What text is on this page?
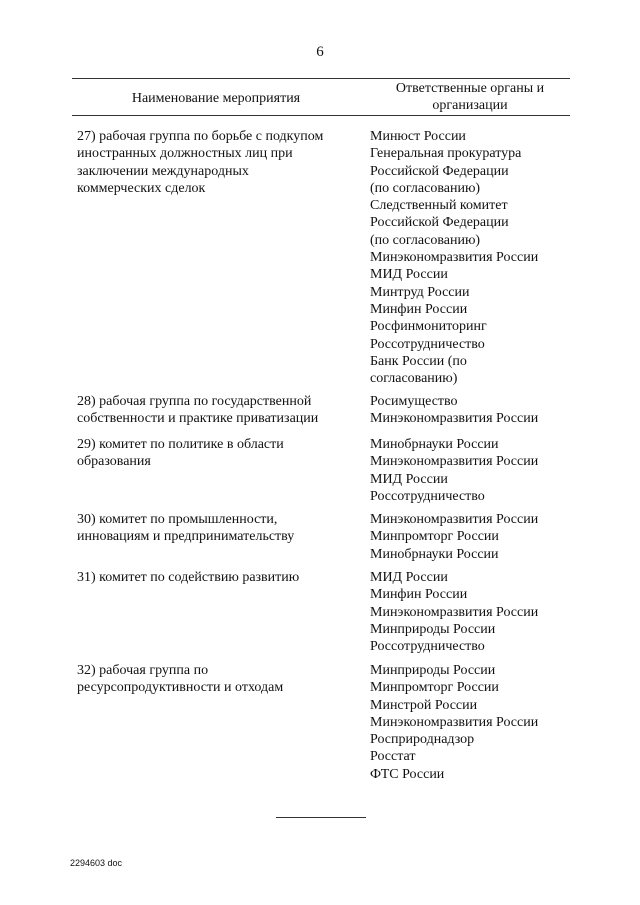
6
Наименование мероприятия
Ответственные органы и
организации
27) рабочая группа по борьбе с подкупом
иностранных должностных лиц при
заключении международных
коммерческих сделок
Минюст России
Генеральная прокуратура
Российской Федерации
(по согласованию)
Следственный комитет
Российской Федерации
(по согласованию)
Минэкономразвития России
МИД России
Минтруд России
Минфин России
Росфинмониторинг
Россотрудничество
Банк России (по
согласованию)
28) рабочая группа по государственной
собственности и практике приватизации
Росимущество
Минэкономразвития России
29) комитет по политике в области
образования
Минобрнауки России
Минэкономразвития России
МИД России
Россотрудничество
30) комитет по промышленности,
инновациям и предпринимательству
Минэкономразвития России
Минпромторг России
Минобрнауки России
31) комитет по содействию развитию	МИД России
Минфин России
Минэкономразвития России
Минприроды России
Россотрудничество
32) рабочая группа по
ресурсопродуктивности и отходам
Минприроды России
Минпромторг России
Минстрой России
Минэкономразвития России
Росприроднадзор
Росстат
ФТС России
2294603 doc
